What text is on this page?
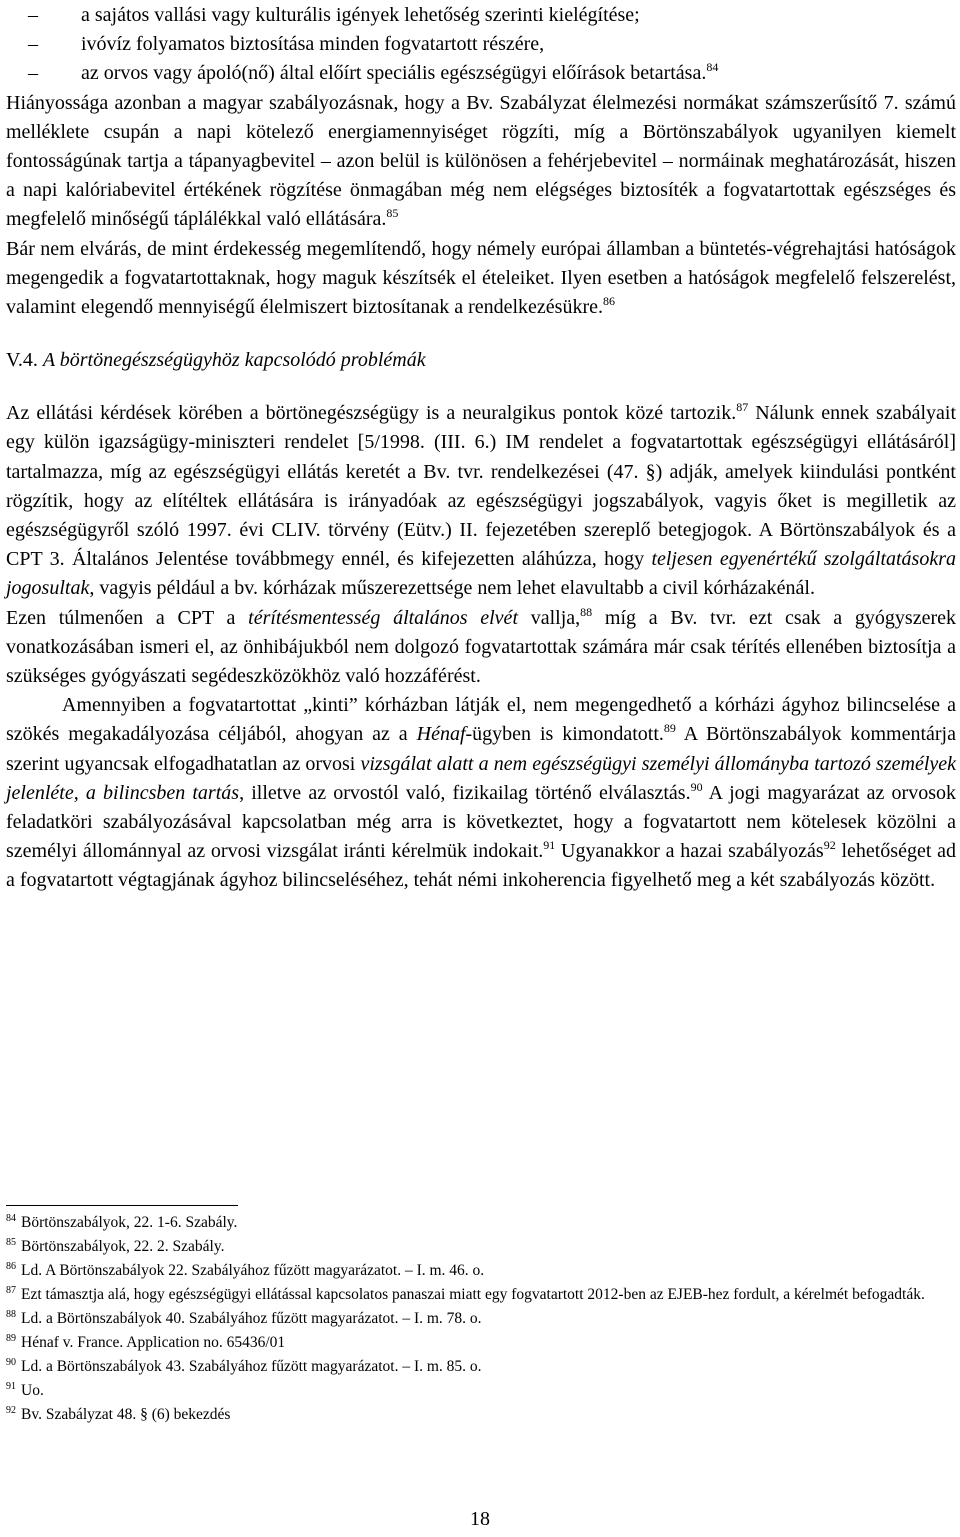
– a sajátos vallási vagy kulturális igények lehetőség szerinti kielégítése;
– ivóvíz folyamatos biztosítása minden fogvatartott részére,
– az orvos vagy ápoló(nő) által előírt speciális egészségügyi előírások betartása.$^{84}$

Hiányossága azonban a magyar szabályozásnak, hogy a Bv. Szabályzat élelmezési normákat számszerűsítő 7. számú melléklete csupán a napi kötelező energiamennyiséget rögzíti, míg a Börtönszabályok ugyanilyen kiemelt fontosságúnak tartja a tápanyagbevitel – azon belül is különösen a fehérjebevitel – normáinak meghatározását, hiszen a napi kalóriabevitel értékének rögzítése önmagában még nem elégséges biztosíték a fogvatartottak egészséges és megfelelő minőségű táplálékkal való ellátására.$^{85}$

Bár nem elvárás, de mint érdekesség megemlítendő, hogy némely európai államban a büntetés-végrehajtási hatóságok megengedik a fogvatartottaknak, hogy maguk készítsék el ételeiket. Ilyen esetben a hatóságok megfelelő felszerelést, valamint elegendő mennyiségű élelmiszert biztosítanak a rendelkezésükre.$^{86}$

V.4. A börtönegészségügyhöz kapcsolódó problémák

Az ellátási kérdések körében a börtönegészségügy is a neuralgikus pontok közé tartozik.$^{87}$ Nálunk ennek szabályait egy külön igazságügy-miniszteri rendelet [5/1998. (III. 6.) IM rendelet a fogvatartottak egészségügyi ellátásáról] tartalmazza, míg az egészségügyi ellátás keretét a Bv. tvr. rendelkezései (47. §) adják, amelyek kiindulási pontként rögzítik, hogy az elítéltek ellátására is irányadóak az egészségügyi jogszabályok, vagyis őket is megilletik az egészségügyről szóló 1997. évi CLIV. törvény (Eütv.) II. fejezetében szereplő betegjogok. A Börtönszabályok és a CPT 3. Általános Jelentése továbbmegy ennél, és kifejezetten aláhúzza, hogy teljesen egyenértékű szolgáltatásokra jogosultak, vagyis például a bv. kórházak műszerezettsége nem lehet elavultabb a civil kórházakénál.

Ezen túlmenően a CPT a térítésmentesség általános elvét vallja,$^{88}$ míg a Bv. tvr. ezt csak a gyógyszerek vonatkozásában ismeri el, az önhibájukból nem dolgozó fogvatartottak számára már csak térítés ellenében biztosítja a szükséges gyógyászati segédeszközökhöz való hozzáférést.

Amennyiben a fogvatartottat „kinti” kórházban látják el, nem megengedhető a kórházi ágyhoz bilincselése a szökés megakadályozása céljából, ahogyan az a Hénaf-ügyben is kimondatott.$^{89}$ A Börtönszabályok kommentárja szerint ugyancsak elfogadhatatlan az orvosi vizsgálat alatt a nem egészségügyi személyi állományba tartozó személyek jelenléte, a bilincsben tartás, illetve az orvostól való, fizikailag történő elválasztás.$^{90}$ A jogi magyarázat az orvosok feladatköri szabályozásával kapcsolatban még arra is következtet, hogy a fogvatartott nem kötelesek közölni a személyi állománnyal az orvosi vizsgálat iránti kérelmük indokait.$^{91}$ Ugyanakkor a hazai szabályozás$^{92}$ lehetőséget ad a fogvatartott végtagjának ágyhoz bilincseléséhez, tehát némi inkoherencia figyelhető meg a két szabályozás között.

84 Börtönszabályok, 22. 1-6. Szabály.
85 Börtönszabályok, 22. 2. Szabály.
86 Ld. A Börtönszabályok 22. Szabályához fűzött magyarázatot. – I. m. 46. o.
87 Ezt támasztja alá, hogy egészségügyi ellátással kapcsolatos panaszai miatt egy fogvatartott 2012-ben az EJEB-hez fordult, a kérelmét befogadták.
88 Ld. a Börtönszabályok 40. Szabályához fűzött magyarázatot. – I. m. 78. o.
89 Hénaf v. France. Application no. 65436/01
90 Ld. a Börtönszabályok 43. Szabályához fűzött magyarázatot. – I. m. 85. o.
91 Uo.
92 Bv. Szabályzat 48. § (6) bekezdés
18
